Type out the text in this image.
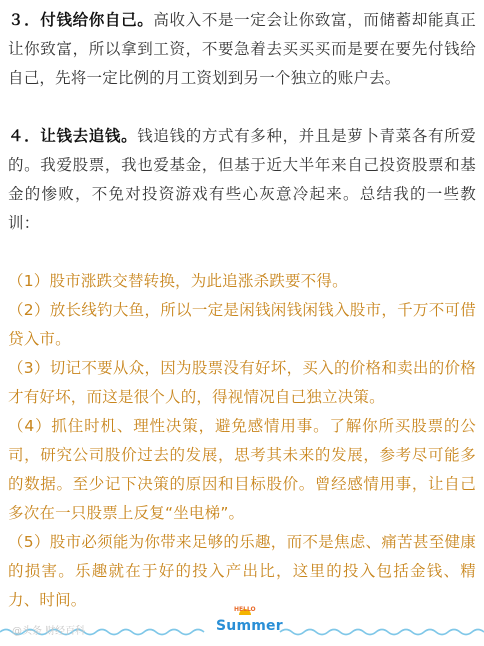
３．付钱给你自己。高收入不是一定会让你致富，而储蓄却能真正让你致富，所以拿到工资，不要急着去买买买而是要在要先付钱给自己，先将一定比例的月工资划到另一个独立的账户去。

４．让钱去追钱。钱追钱的方式有多种，并且是萝卜青菜各有所爱的。我爱股票，我也爱基金，但基于近大半年来自己投资股票和基金的惨败，不免对投资游戏有些心灰意冷起来。总结我的一些教训：

（1）股市涨跌交替转换，为此追涨杀跌要不得。

（2）放长线钓大鱼，所以一定是闲钱闲钱闲钱入股市，千万不可借贷入市。

（3）切记不要从众，因为股票没有好坏，买入的价格和卖出的价格才有好坏，而这是很个人的，得视情况自己独立决策。

（4）抓住时机、理性决策，避免感情用事。了解你所买股票的公司，研究公司股价过去的发展，思考其未来的发展，参考尽可能多的数据。至少记下决策的原因和目标股价。曾经感情用事，让自己多次在一只股票上反复“坐电梯”。

（5）股市必须能为你带来足够的乐趣，而不是焦虑、痛苦甚至健康的损害。乐趣就在于好的投入产出比，这里的投入包括金钱、精力、时间。

@头条 财经百科
HELLO
Summer
